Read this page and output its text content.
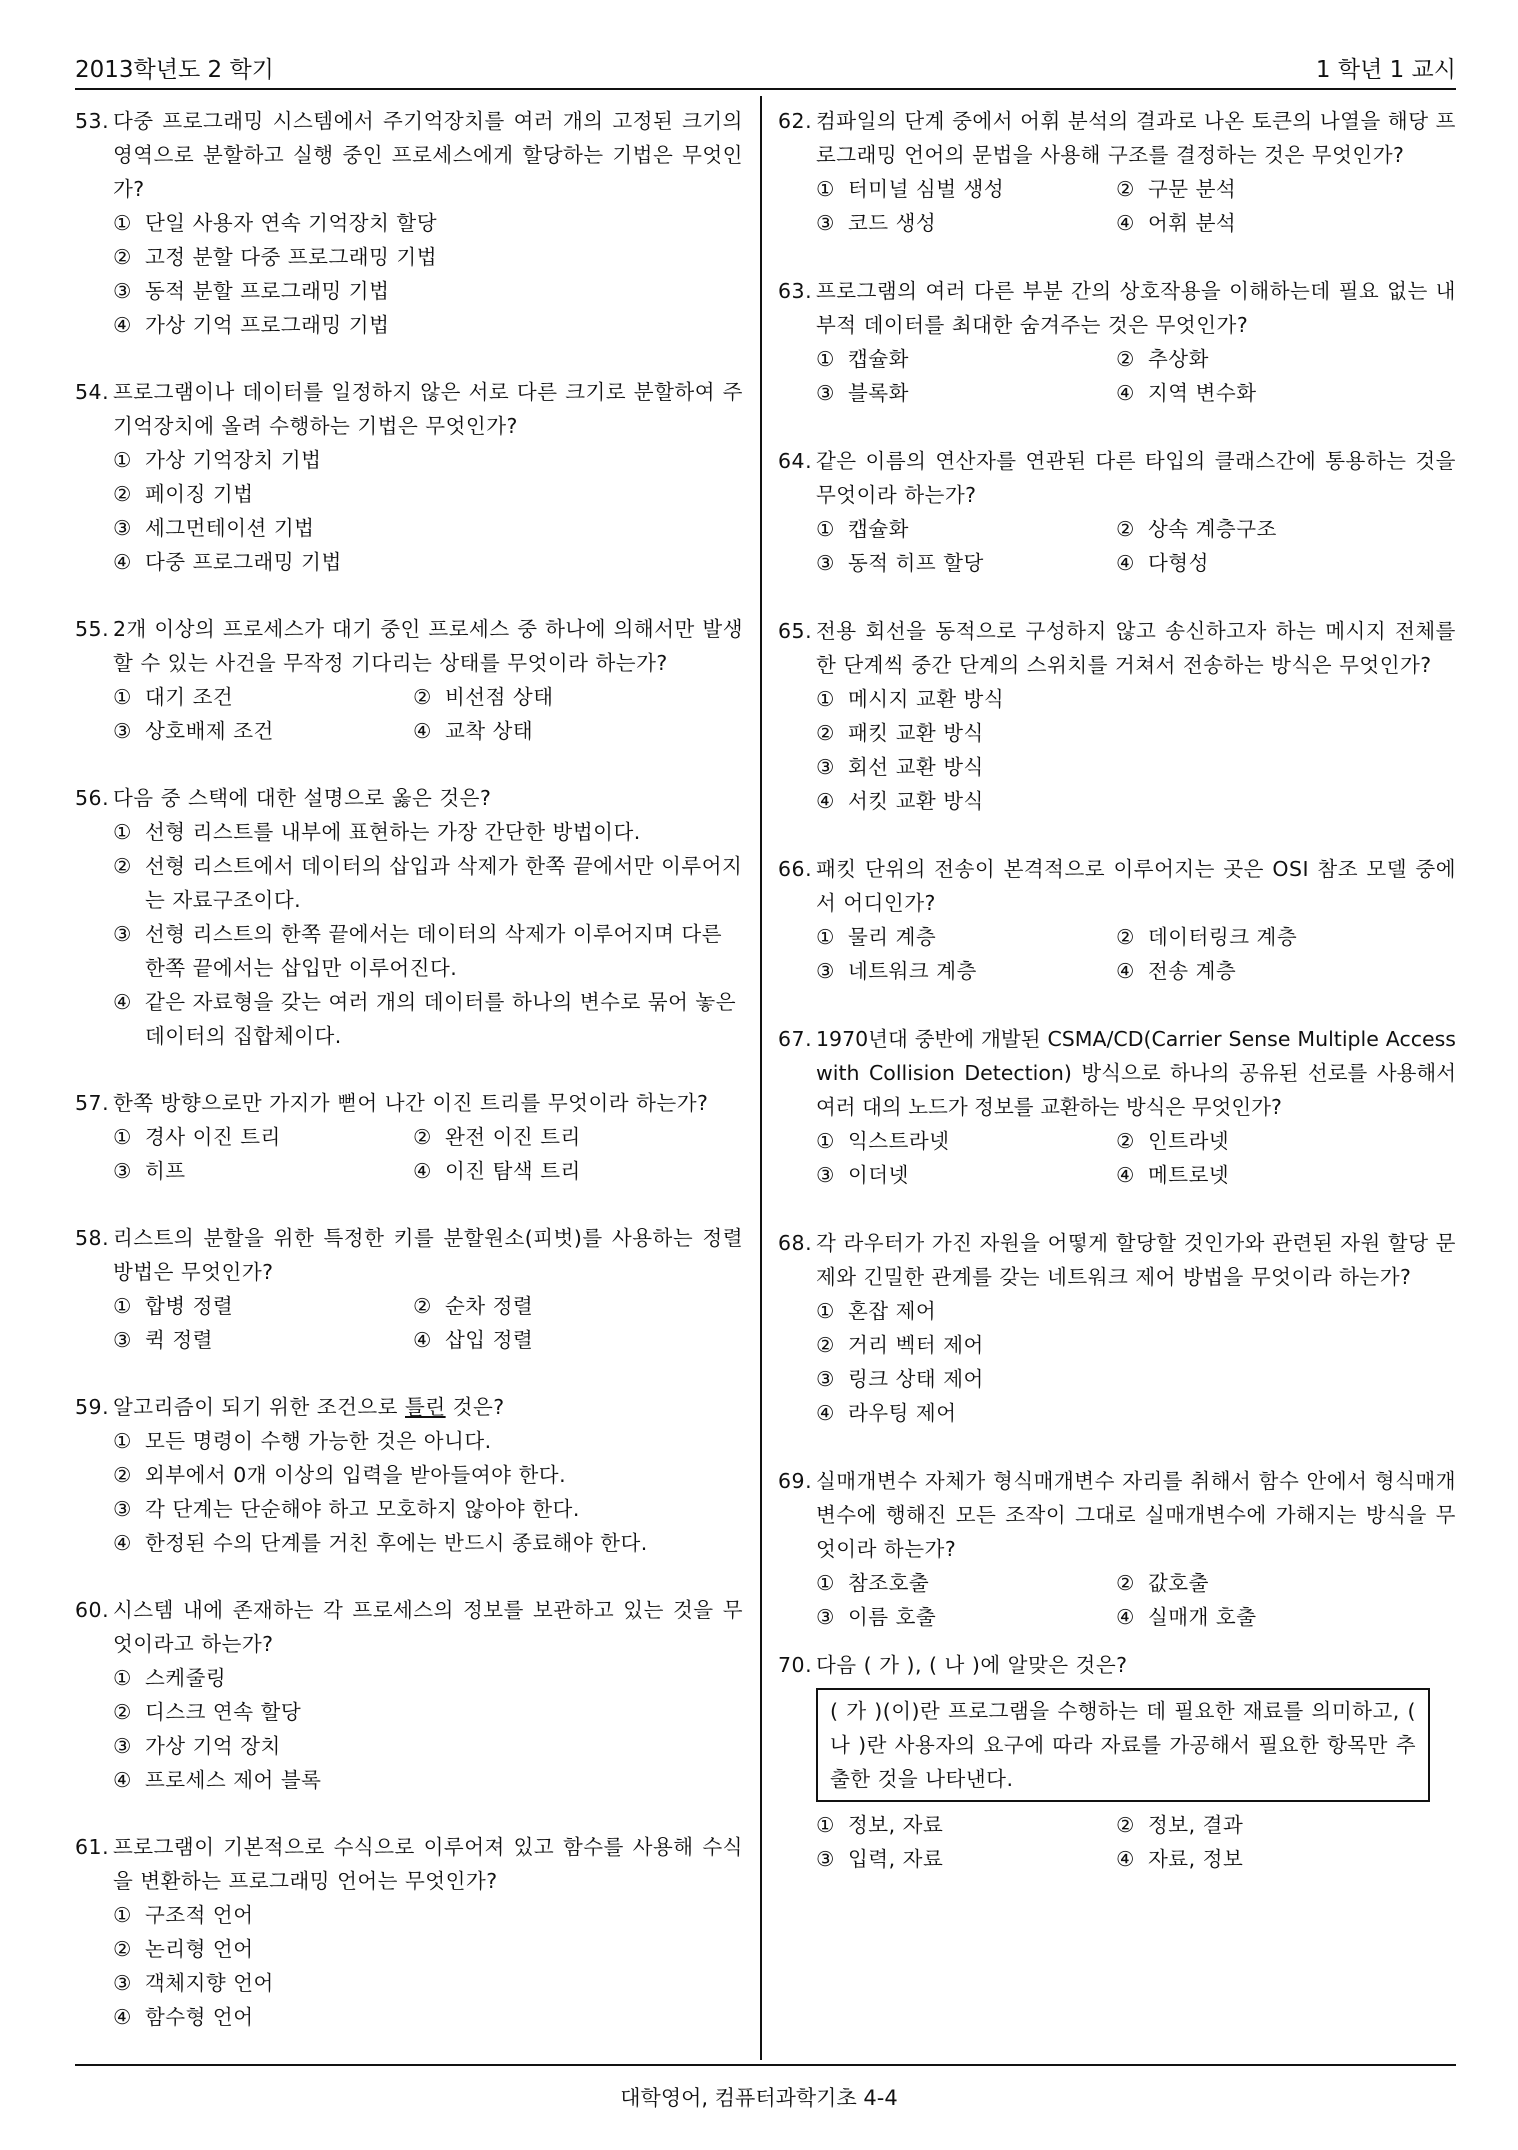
2013학년도 2 학기	1 학년 1 교시
53. 다중 프로그래밍 시스템에서 주기억장치를 여러 개의 고정된 크기의 영역으로 분할하고 실행 중인 프로세스에게 할당하는 기법은 무엇인가?
① 단일 사용자 연속 기억장치 할당
② 고정 분할 다중 프로그래밍 기법
③ 동적 분할 프로그래밍 기법
④ 가상 기억 프로그래밍 기법
54. 프로그램이나 데이터를 일정하지 않은 서로 다른 크기로 분할하여 주기억장치에 올려 수행하는 기법은 무엇인가?
① 가상 기억장치 기법
② 페이징 기법
③ 세그먼테이션 기법
④ 다중 프로그래밍 기법
55. 2개 이상의 프로세스가 대기 중인 프로세스 중 하나에 의해서만 발생할 수 있는 사건을 무작정 기다리는 상태를 무엇이라 하는가?
① 대기 조건	② 비선점 상태
③ 상호배제 조건	④ 교착 상태
56. 다음 중 스택에 대한 설명으로 옳은 것은?
① 선형 리스트를 내부에 표현하는 가장 간단한 방법이다.
② 선형 리스트에서 데이터의 삽입과 삭제가 한쪽 끝에서만 이루어지는 자료구조이다.
③ 선형 리스트의 한쪽 끝에서는 데이터의 삭제가 이루어지며 다른 한쪽 끝에서는 삽입만 이루어진다.
④ 같은 자료형을 갖는 여러 개의 데이터를 하나의 변수로 묶어 놓은 데이터의 집합체이다.
57. 한쪽 방향으로만 가지가 뻗어 나간 이진 트리를 무엇이라 하는가?
① 경사 이진 트리	② 완전 이진 트리
③ 히프	④ 이진 탐색 트리
58. 리스트의 분할을 위한 특정한 키를 분할원소(피벗)를 사용하는 정렬 방법은 무엇인가?
① 합병 정렬	② 순차 정렬
③ 퀵 정렬	④ 삽입 정렬
59. 알고리즘이 되기 위한 조건으로 틀린 것은?
① 모든 명령이 수행 가능한 것은 아니다.
② 외부에서 0개 이상의 입력을 받아들여야 한다.
③ 각 단계는 단순해야 하고 모호하지 않아야 한다.
④ 한정된 수의 단계를 거친 후에는 반드시 종료해야 한다.
60. 시스템 내에 존재하는 각 프로세스의 정보를 보관하고 있는 것을 무엇이라고 하는가?
① 스케줄링
② 디스크 연속 할당
③ 가상 기억 장치
④ 프로세스 제어 블록
61. 프로그램이 기본적으로 수식으로 이루어져 있고 함수를 사용해 수식을 변환하는 프로그래밍 언어는 무엇인가?
① 구조적 언어
② 논리형 언어
③ 객체지향 언어
④ 함수형 언어
62. 컴파일의 단계 중에서 어휘 분석의 결과로 나온 토큰의 나열을 해당 프로그래밍 언어의 문법을 사용해 구조를 결정하는 것은 무엇인가?
① 터미널 심벌 생성	② 구문 분석
③ 코드 생성	④ 어휘 분석
63. 프로그램의 여러 다른 부분 간의 상호작용을 이해하는데 필요 없는 내부적 데이터를 최대한 숨겨주는 것은 무엇인가?
① 캡슐화	② 추상화
③ 블록화	④ 지역 변수화
64. 같은 이름의 연산자를 연관된 다른 타입의 클래스간에 통용하는 것을 무엇이라 하는가?
① 캡슐화	② 상속 계층구조
③ 동적 히프 할당	④ 다형성
65. 전용 회선을 동적으로 구성하지 않고 송신하고자 하는 메시지 전체를 한 단계씩 중간 단계의 스위치를 거쳐서 전송하는 방식은 무엇인가?
① 메시지 교환 방식
② 패킷 교환 방식
③ 회선 교환 방식
④ 서킷 교환 방식
66. 패킷 단위의 전송이 본격적으로 이루어지는 곳은 OSI 참조 모델 중에서 어디인가?
① 물리 계층	② 데이터링크 계층
③ 네트워크 계층	④ 전송 계층
67. 1970년대 중반에 개발된 CSMA/CD(Carrier Sense Multiple Access with Collision Detection) 방식으로 하나의 공유된 선로를 사용해서 여러 대의 노드가 정보를 교환하는 방식은 무엇인가?
① 익스트라넷	② 인트라넷
③ 이더넷	④ 메트로넷
68. 각 라우터가 가진 자원을 어떻게 할당할 것인가와 관련된 자원 할당 문제와 긴밀한 관계를 갖는 네트워크 제어 방법을 무엇이라 하는가?
① 혼잡 제어
② 거리 벡터 제어
③ 링크 상태 제어
④ 라우팅 제어
69. 실매개변수 자체가 형식매개변수 자리를 취해서 함수 안에서 형식매개변수에 행해진 모든 조작이 그대로 실매개변수에 가해지는 방식을 무엇이라 하는가?
① 참조호출	② 값호출
③ 이름 호출	④ 실매개 호출
70. 다음 ( 가 ), ( 나 )에 알맞은 것은?
( 가 )(이)란 프로그램을 수행하는 데 필요한 재료를 의미하고, ( 나 )란 사용자의 요구에 따라 자료를 가공해서 필요한 항목만 추출한 것을 나타낸다.
① 정보, 자료	② 정보, 결과
③ 입력, 자료	④ 자료, 정보
대학영어, 컴퓨터과학기초 4-4
